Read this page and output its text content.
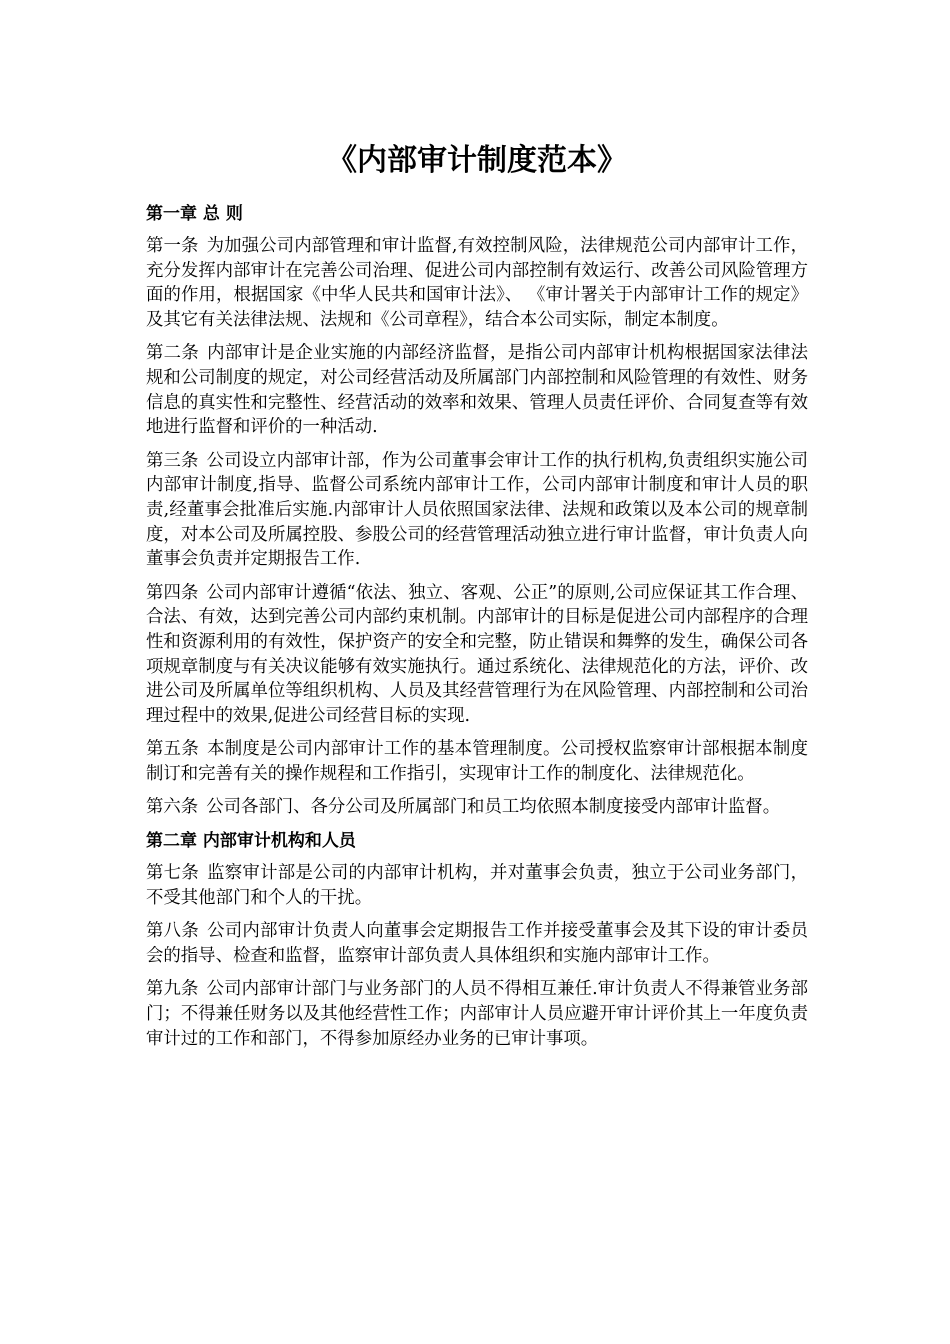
《内部审计制度范本》
第一章 总 则

第一条 为加强公司内部管理和审计监督,有效控制风险，法律规范公司内部审计工作，充分发挥内部审计在完善公司治理、促进公司内部控制有效运行、改善公司风险管理方面的作用，根据国家《中华人民共和国审计法》、 《审计署关于内部审计工作的规定》及其它有关法律法规、法规和《公司章程》，结合本公司实际，制定本制度。

第二条 内部审计是企业实施的内部经济监督，是指公司内部审计机构根据国家法律法规和公司制度的规定，对公司经营活动及所属部门内部控制和风险管理的有效性、财务信息的真实性和完整性、经营活动的效率和效果、管理人员责任评价、合同复查等有效地进行监督和评价的一种活动.

第三条 公司设立内部审计部，作为公司董事会审计工作的执行机构,负责组织实施公司内部审计制度,指导、监督公司系统内部审计工作，公司内部审计制度和审计人员的职责,经董事会批准后实施.内部审计人员依照国家法律、法规和政策以及本公司的规章制度，对本公司及所属控股、参股公司的经营管理活动独立进行审计监督，审计负责人向董事会负责并定期报告工作.

第四条 公司内部审计遵循“依法、独立、客观、公正”的原则,公司应保证其工作合理、合法、有效，达到完善公司内部约束机制。内部审计的目标是促进公司内部程序的合理性和资源利用的有效性，保护资产的安全和完整，防止错误和舞弊的发生，确保公司各项规章制度与有关决议能够有效实施执行。通过系统化、法律规范化的方法，评价、改进公司及所属单位等组织机构、人员及其经营管理行为在风险管理、内部控制和公司治理过程中的效果,促进公司经营目标的实现.

第五条 本制度是公司内部审计工作的基本管理制度。公司授权监察审计部根据本制度制订和完善有关的操作规程和工作指引，实现审计工作的制度化、法律规范化。

第六条 公司各部门、各分公司及所属部门和员工均依照本制度接受内部审计监督。

第二章 内部审计机构和人员

第七条 监察审计部是公司的内部审计机构，并对董事会负责，独立于公司业务部门，不受其他部门和个人的干扰。

第八条 公司内部审计负责人向董事会定期报告工作并接受董事会及其下设的审计委员会的指导、检查和监督，监察审计部负责人具体组织和实施内部审计工作。

第九条 公司内部审计部门与业务部门的人员不得相互兼任.审计负责人不得兼管业务部门；不得兼任财务以及其他经营性工作；内部审计人员应避开审计评价其上一年度负责审计过的工作和部门，不得参加原经办业务的已审计事项。
